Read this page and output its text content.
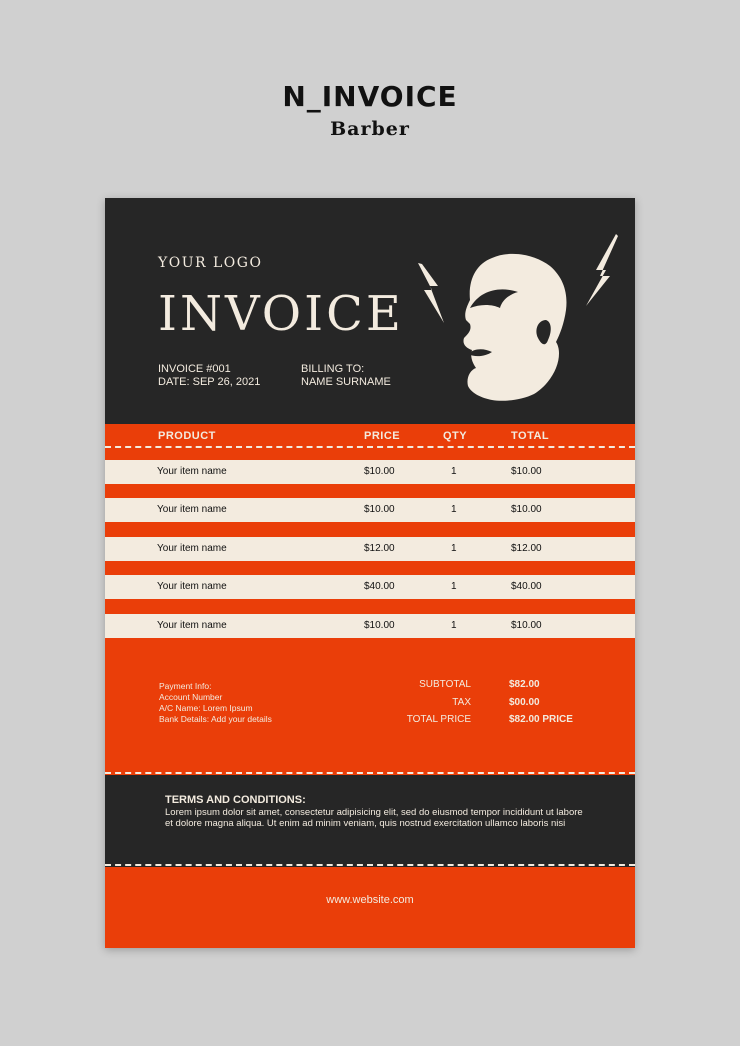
N_INVOICE
Barber
YOUR LOGO
INVOICE
INVOICE #001
DATE: SEP 26, 2021
BILLING TO:
NAME SURNAME
PRODUCT	PRICE	QTY	TOTAL
Your item name	$10.00	1	$10.00
Your item name	$10.00	1	$10.00
Your item name	$12.00	1	$12.00
Your item name	$40.00	1	$40.00
Your item name	$10.00	1	$10.00
Payment Info:
Account Number
A/C Name: Lorem Ipsum
Bank Details: Add your details
SUBTOTAL	$82.00
TAX	$00.00
TOTAL PRICE	$82.00 PRICE
TERMS AND CONDITIONS:
Lorem ipsum dolor sit amet, consectetur adipisicing elit, sed do eiusmod tempor incididunt ut labore et dolore magna aliqua. Ut enim ad minim veniam, quis nostrud exercitation ullamco laboris nisi
www.website.com
